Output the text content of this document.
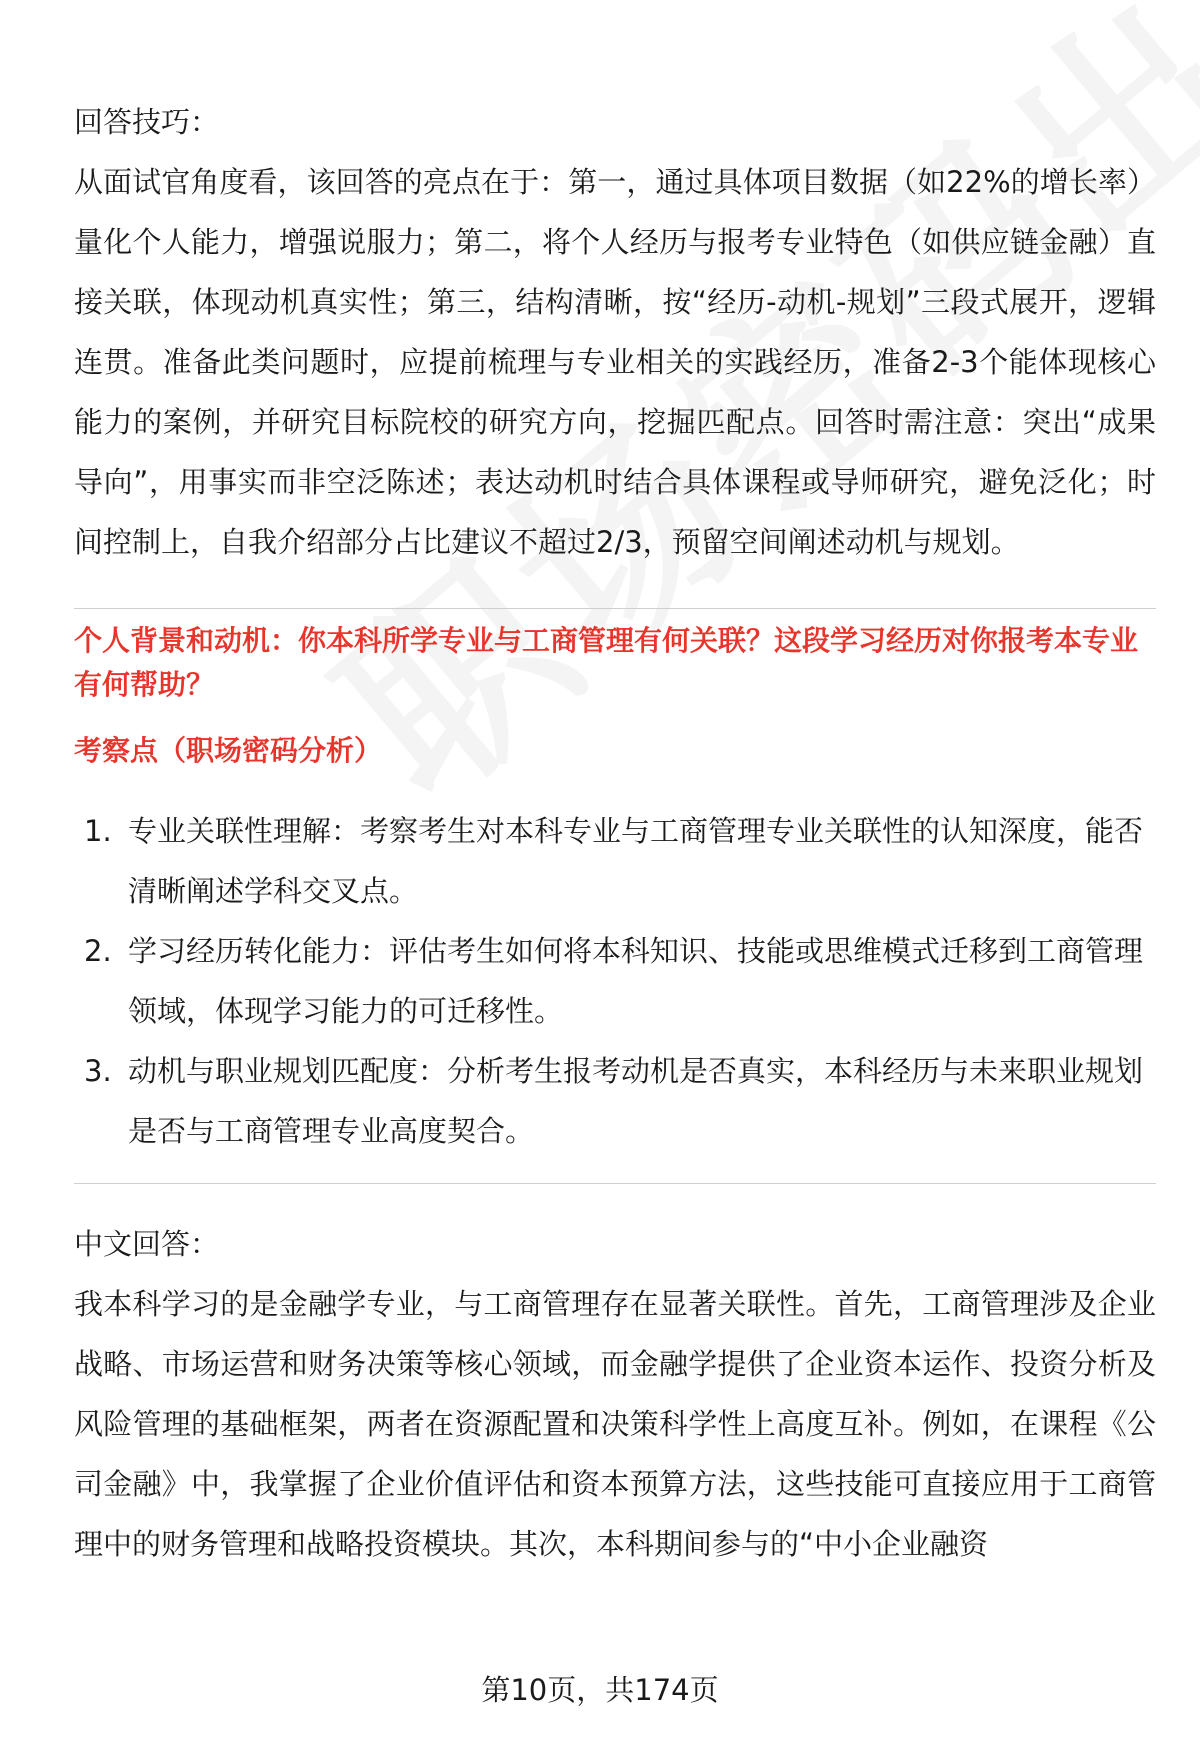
回答技巧：

从面试官角度看，该回答的亮点在于：第一，通过具体项目数据（如22%的增长率）量化个人能力，增强说服力；第二，将个人经历与报考专业特色（如供应链金融）直接关联，体现动机真实性；第三，结构清晰，按“经历-动机-规划”三段式展开，逻辑连贯。准备此类问题时，应提前梳理与专业相关的实践经历，准备2-3个能体现核心能力的案例，并研究目标院校的研究方向，挖掘匹配点。回答时需注意：突出“成果导向”，用事实而非空泛陈述；表达动机时结合具体课程或导师研究，避免泛化；时间控制上，自我介绍部分占比建议不超过2/3，预留空间阐述动机与规划。

个人背景和动机：你本科所学专业与工商管理有何关联？这段学习经历对你报考本专业有何帮助？
考察点（职场密码分析）
1. 专业关联性理解：考察考生对本科专业与工商管理专业关联性的认知深度，能否清晰阐述学科交叉点。
2. 学习经历转化能力：评估考生如何将本科知识、技能或思维模式迁移到工商管理领域，体现学习能力的可迁移性。
3. 动机与职业规划匹配度：分析考生报考动机是否真实，本科经历与未来职业规划是否与工商管理专业高度契合。

中文回答：

我本科学习的是金融学专业，与工商管理存在显著关联性。首先，工商管理涉及企业战略、市场运营和财务决策等核心领域，而金融学提供了企业资本运作、投资分析及风险管理的基础框架，两者在资源配置和决策科学性上高度互补。例如，在课程《公司金融》中，我掌握了企业价值评估和资本预算方法，这些技能可直接应用于工商管理中的财务管理和战略投资模块。其次，本科期间参与的“中小企业融资

第10页，共174页
